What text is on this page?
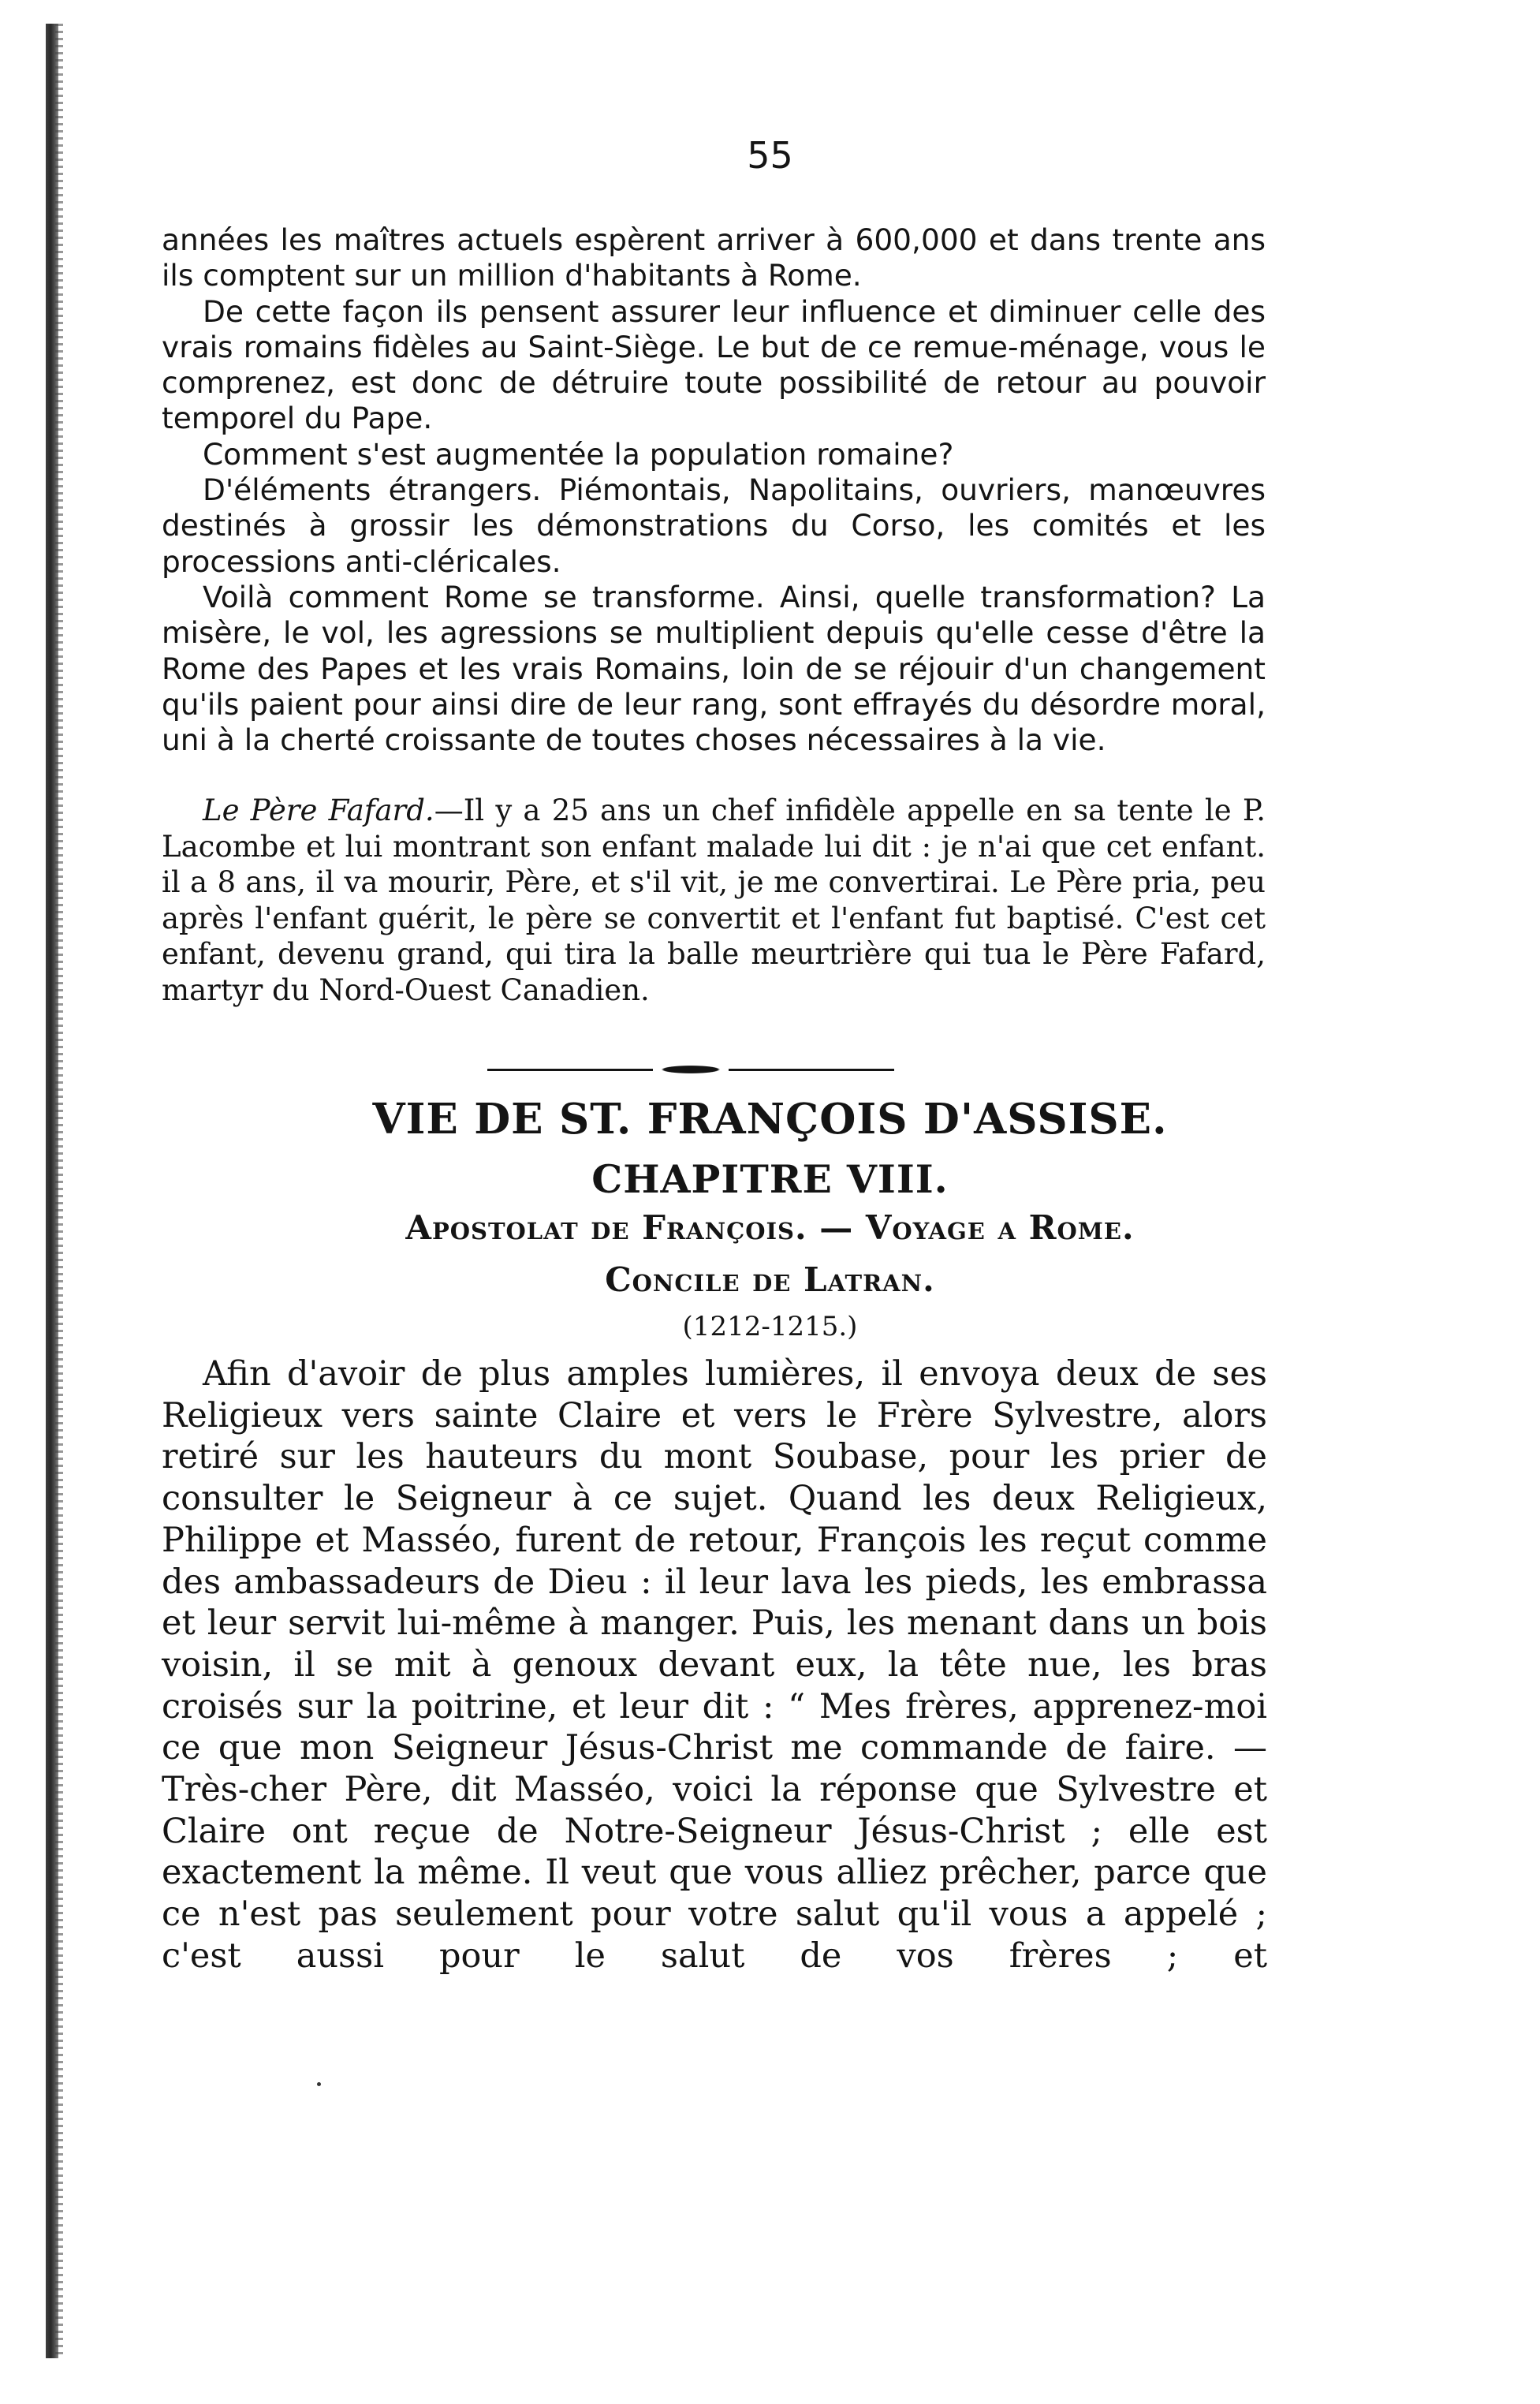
55

années les maîtres actuels espèrent arriver à 600,000 et dans trente ans ils comptent sur un million d'habitants à Rome.

De cette façon ils pensent assurer leur influence et diminuer celle des vrais romains fidèles au Saint-Siège. Le but de ce remue-ménage, vous le comprenez, est donc de détruire toute possibilité de retour au pouvoir temporel du Pape.

Comment s'est augmentée la population romaine?

D'éléments étrangers. Piémontais, Napolitains, ouvriers, manœuvres destinés à grossir les démonstrations du Corso, les comités et les processions anti-cléricales.

Voilà comment Rome se transforme. Ainsi, quelle transformation? La misère, le vol, les agressions se multiplient depuis qu'elle cesse d'être la Rome des Papes et les vrais Romains, loin de se réjouir d'un changement qu'ils paient pour ainsi dire de leur rang, sont effrayés du désordre moral, uni à la cherté croissante de toutes choses nécessaires à la vie.

Le Père Fafard.—Il y a 25 ans un chef infidèle appelle en sa tente le P. Lacombe et lui montrant son enfant malade lui dit : je n'ai que cet enfant. il a 8 ans, il va mourir, Père, et s'il vit, je me convertirai. Le Père pria, peu après l'enfant guérit, le père se convertit et l'enfant fut baptisé. C'est cet enfant, devenu grand, qui tira la balle meurtrière qui tua le Père Fafard, martyr du Nord-Ouest Canadien.

VIE DE ST. FRANÇOIS D'ASSISE.
CHAPITRE VIII.
Apostolat de François. — Voyage a Rome.
Concile de Latran.
(1212-1215.)

Afin d'avoir de plus amples lumières, il envoya deux de ses Religieux vers sainte Claire et vers le Frère Sylvestre, alors retiré sur les hauteurs du mont Soubase, pour les prier de consulter le Seigneur à ce sujet. Quand les deux Religieux, Philippe et Masséo, furent de retour, François les reçut comme des ambassadeurs de Dieu : il leur lava les pieds, les embrassa et leur servit lui-même à manger. Puis, les menant dans un bois voisin, il se mit à genoux devant eux, la tête nue, les bras croisés sur la poitrine, et leur dit : “ Mes frères, apprenez-moi ce que mon Seigneur Jésus-Christ me commande de faire. — Très-cher Père, dit Masséo, voici la réponse que Sylvestre et Claire ont reçue de Notre-Seigneur Jésus-Christ ; elle est exactement la même. Il veut que vous alliez prêcher, parce que ce n'est pas seulement pour votre salut qu'il vous a appelé ; c'est aussi pour le salut de vos frères ; et
